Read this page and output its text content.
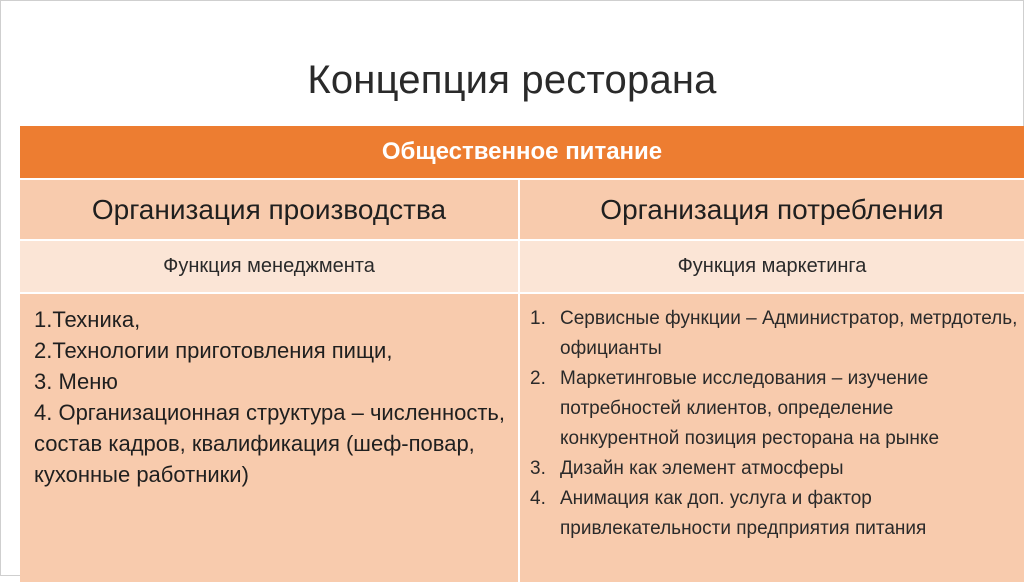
Концепция ресторана
Общественное питание
Организация производства	Организация потребления
Функция менеджмента	Функция маркетинга
1.Техника,
2.Технологии приготовления пищи,
3. Меню
4. Организационная структура – численность, состав кадров, квалификация (шеф-повар, кухонные работники)
1. Сервисные функции – Администратор, метрдотель, официанты
2. Маркетинговые исследования – изучение потребностей клиентов, определение конкурентной позиция ресторана на рынке
3. Дизайн как элемент атмосферы
4. Анимация как доп. услуга и фактор привлекательности предприятия питания
